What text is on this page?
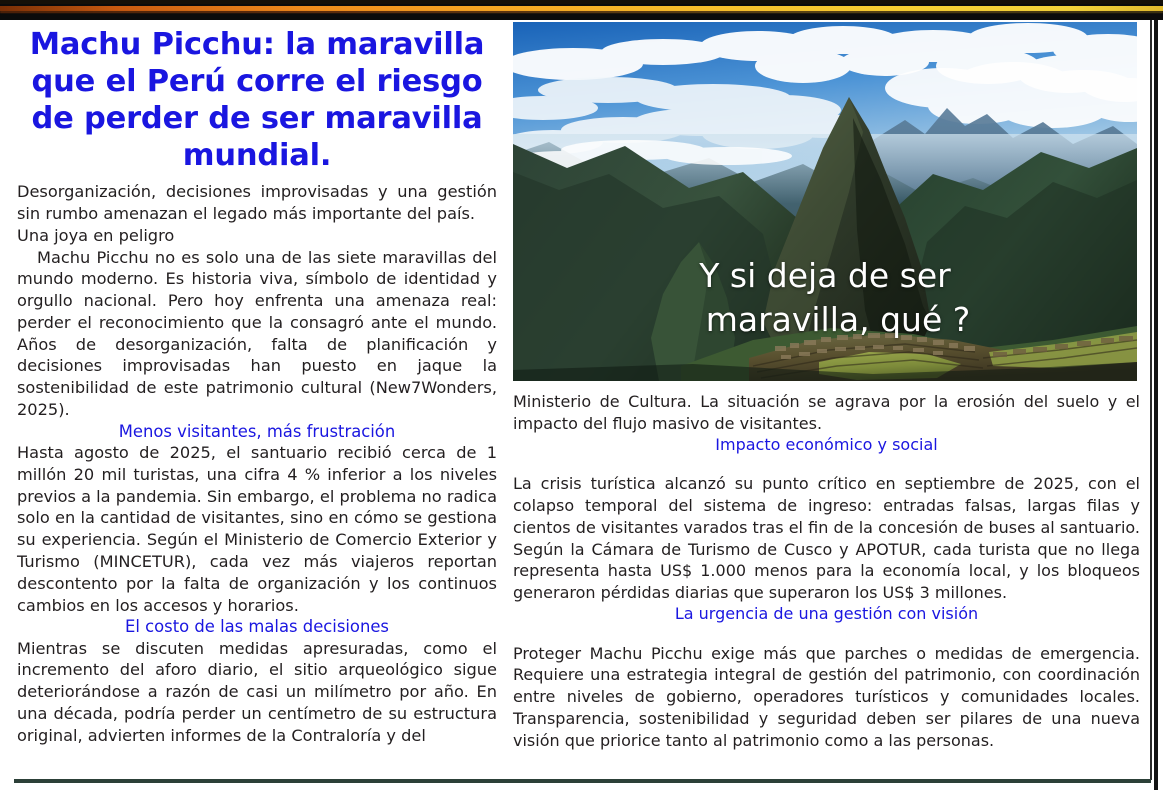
Machu Picchu: la maravilla que el Perú corre el riesgo de perder de ser maravilla mundial.

Desorganización, decisiones improvisadas y una gestión sin rumbo amenazan el legado más importante del país.

Una joya en peligro

Machu Picchu no es solo una de las siete maravillas del mundo moderno. Es historia viva, símbolo de identidad y orgullo nacional. Pero hoy enfrenta una amenaza real: perder el reconocimiento que la consagró ante el mundo. Años de desorganización, falta de planificación y decisiones improvisadas han puesto en jaque la sostenibilidad de este patrimonio cultural (New7Wonders, 2025).

Menos visitantes, más frustración

Hasta agosto de 2025, el santuario recibió cerca de 1 millón 20 mil turistas, una cifra 4 % inferior a los niveles previos a la pandemia. Sin embargo, el problema no radica solo en la cantidad de visitantes, sino en cómo se gestiona su experiencia. Según el Ministerio de Comercio Exterior y Turismo (MINCETUR), cada vez más viajeros reportan descontento por la falta de organización y los continuos cambios en los accesos y horarios.

El costo de las malas decisiones

Mientras se discuten medidas apresuradas, como el incremento del aforo diario, el sitio arqueológico sigue deteriorándose a razón de casi un milímetro por año. En una década, podría perder un centímetro de su estructura original, advierten informes de la Contraloría y del

Y si deja de ser
maravilla, qué ?

Ministerio de Cultura. La situación se agrava por la erosión del suelo y el impacto del flujo masivo de visitantes.

Impacto económico y social

La crisis turística alcanzó su punto crítico en septiembre de 2025, con el colapso temporal del sistema de ingreso: entradas falsas, largas filas y cientos de visitantes varados tras el fin de la concesión de buses al santuario. Según la Cámara de Turismo de Cusco y APOTUR, cada turista que no llega representa hasta US$ 1.000 menos para la economía local, y los bloqueos generaron pérdidas diarias que superaron los US$ 3 millones.

La urgencia de una gestión con visión

Proteger Machu Picchu exige más que parches o medidas de emergencia. Requiere una estrategia integral de gestión del patrimonio, con coordinación entre niveles de gobierno, operadores turísticos y comunidades locales. Transparencia, sostenibilidad y seguridad deben ser pilares de una nueva visión que priorice tanto al patrimonio como a las personas.
